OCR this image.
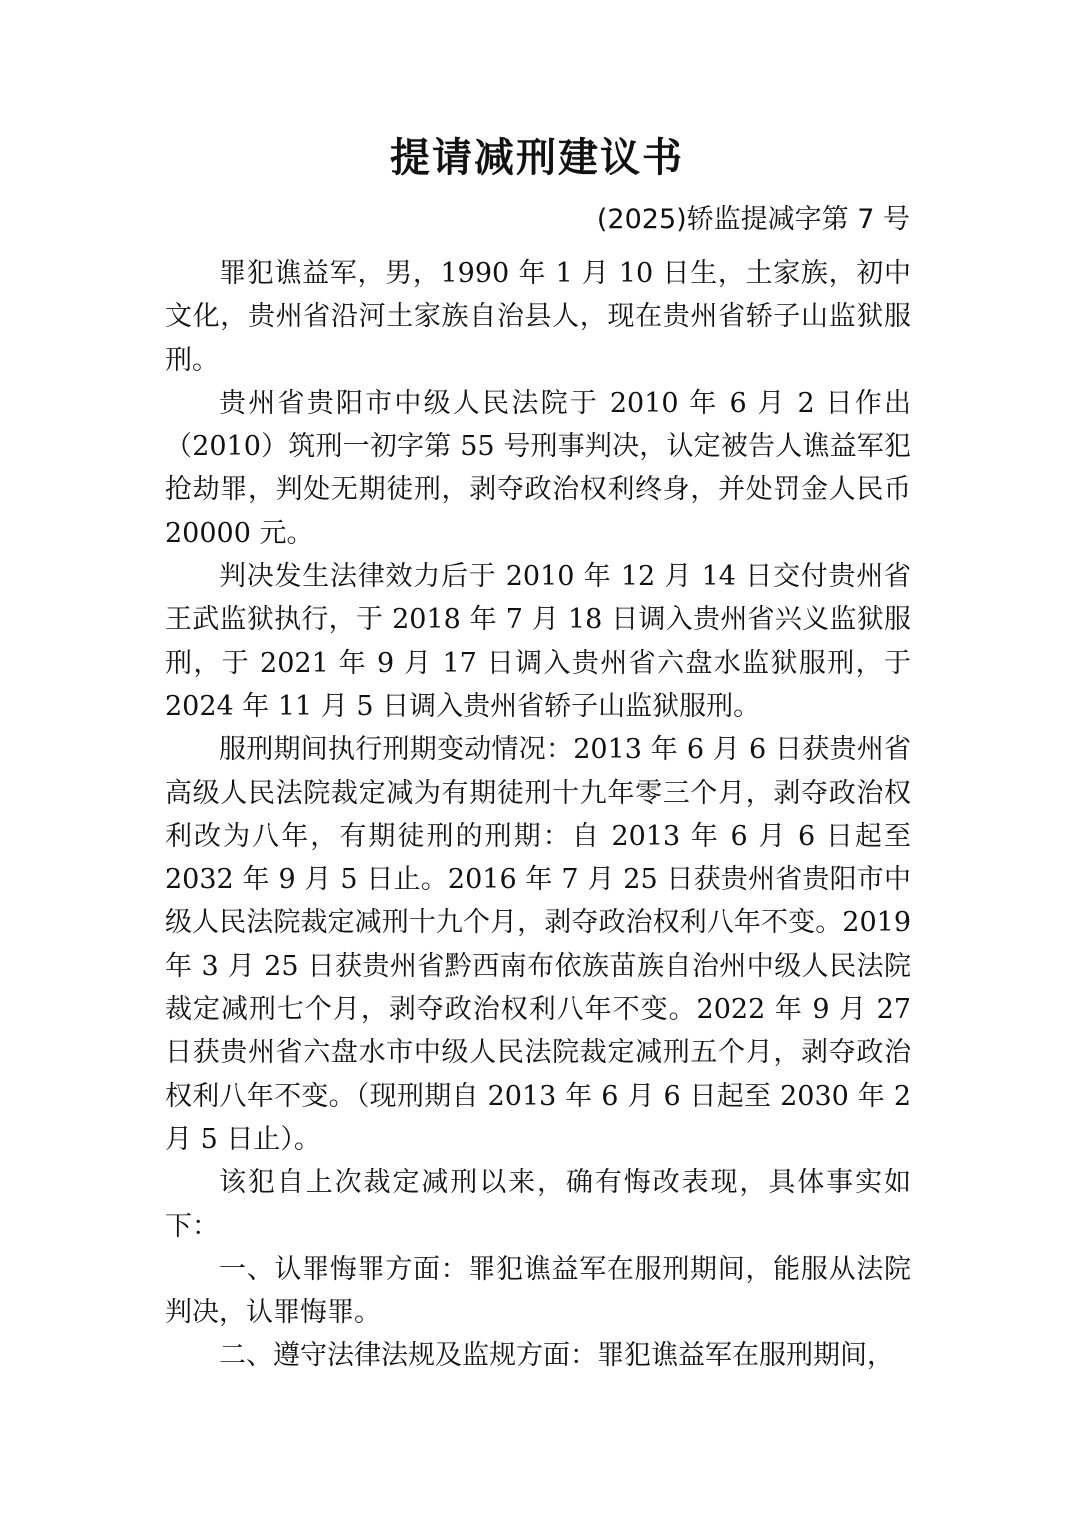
提请减刑建议书
(2025)轿监提减字第 7 号

罪犯谯益军，男，1990 年 1 月 10 日生，土家族，初中文化，贵州省沿河土家族自治县人，现在贵州省轿子山监狱服刑。

贵州省贵阳市中级人民法院于 2010 年 6 月 2 日作出（2010）筑刑一初字第 55 号刑事判决，认定被告人谯益军犯抢劫罪，判处无期徒刑，剥夺政治权利终身，并处罚金人民币 20000 元。

判决发生法律效力后于 2010 年 12 月 14 日交付贵州省王武监狱执行，于 2018 年 7 月 18 日调入贵州省兴义监狱服刑，于 2021 年 9 月 17 日调入贵州省六盘水监狱服刑，于 2024 年 11 月 5 日调入贵州省轿子山监狱服刑。

服刑期间执行刑期变动情况：2013 年 6 月 6 日获贵州省高级人民法院裁定减为有期徒刑十九年零三个月，剥夺政治权利改为八年，有期徒刑的刑期：自 2013 年 6 月 6 日起至 2032 年 9 月 5 日止。2016 年 7 月 25 日获贵州省贵阳市中级人民法院裁定减刑十九个月，剥夺政治权利八年不变。2019 年 3 月 25 日获贵州省黔西南布依族苗族自治州中级人民法院裁定减刑七个月，剥夺政治权利八年不变。2022 年 9 月 27 日获贵州省六盘水市中级人民法院裁定减刑五个月，剥夺政治权利八年不变。（现刑期自 2013 年 6 月 6 日起至 2030 年 2 月 5 日止）。

该犯自上次裁定减刑以来，确有悔改表现，具体事实如下：

一、认罪悔罪方面：罪犯谯益军在服刑期间，能服从法院判决，认罪悔罪。

二、遵守法律法规及监规方面：罪犯谯益军在服刑期间，
